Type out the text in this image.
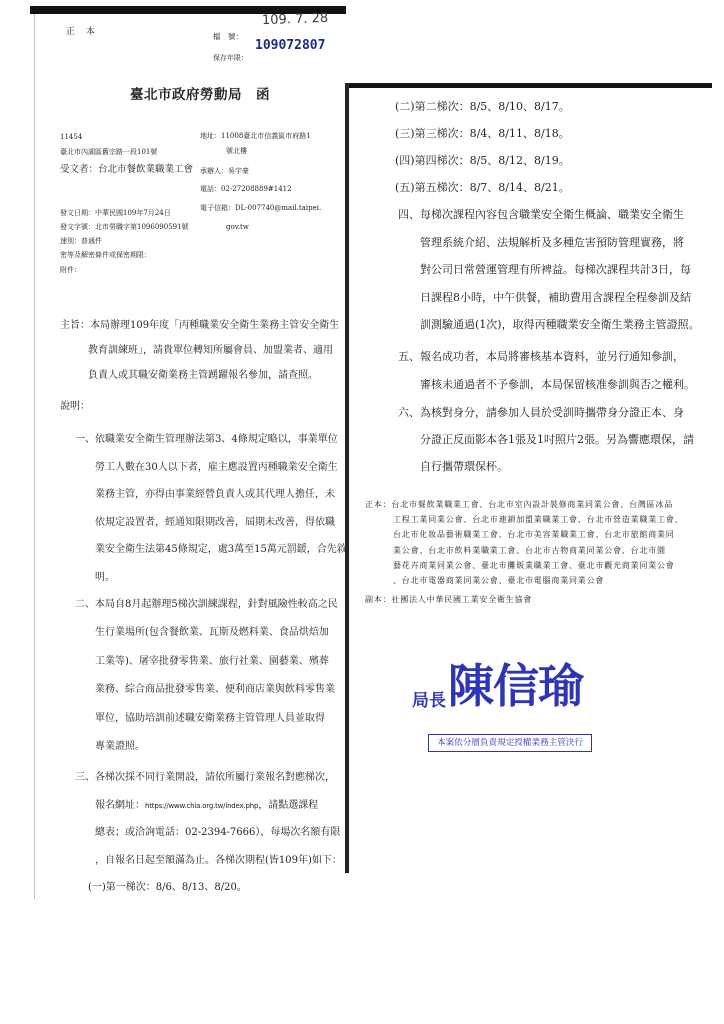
正 本	檔　號：
保存年限：
109. 7. 28
109072807
臺北市政府勞動局　函
11454
臺北市內湖區舊宗路一段101號
受文者：台北市餐飲業職業工會
地址：11008臺北市信義區市府路1
號北樓
承辦人：吳宇豪
電話：02-27208889#1412
電子信箱：DL-007740@mail.taipei.
gov.tw
發文日期：中華民國109年7月24日
發文字號：北市勞職字第1096090591號
速別：普通件
密等及解密條件或保密期限：
附件：
主旨：本局辦理109年度「丙種職業安全衛生業務主管安全衛生
教育訓練班」，請貴單位轉知所屬會員、加盟業者、適用
負責人或其職安衛業務主管踴躍報名參加，請查照。
說明：
一、依職業安全衛生管理辦法第3、4條規定略以，事業單位
勞工人數在30人以下者，雇主應設置丙種職業安全衛生
業務主管，亦得由事業經營負責人或其代理人擔任，未
依規定設置者，經通知限期改善，屆期未改善，得依職
業安全衛生法第45條規定，處3萬至15萬元罰鍰，合先敘
明。
二、本局自8月起辦理5梯次訓練課程，針對風險性較高之民
生行業場所(包含餐飲業、瓦斯及燃料業、食品烘焙加
工業等)、屠宰批發零售業、旅行社業、園藝業、殯葬
業務、綜合商品批發零售業、便利商店業與飲料零售業
單位，協助培訓前述職安衛業務主管管理人員並取得
專業證照。
三、各梯次採不同行業開設，請依所屬行業報名對應梯次，
報名網址：https://www.chia.org.tw/index.php，請點選課程
總表；或洽詢電話：02-2394-7666），每場次名額有限
，自報名日起至額滿為止。各梯次期程(皆109年)如下：
(一)第一梯次：8/6、8/13、8/20。
(二)第二梯次：8/5、8/10、8/17。
(三)第三梯次：8/4、8/11、8/18。
(四)第四梯次：8/5、8/12、8/19。
(五)第五梯次：8/7、8/14、8/21。
四、每梯次課程內容包含職業安全衛生概論、職業安全衛生
管理系統介紹、法規解析及多種危害預防管理實務，將
對公司日常營運管理有所裨益。每梯次課程共計3日，每
日課程8小時，中午供餐，補助費用含課程全程參訓及結
訓測驗通過(1次)，取得丙種職業安全衛生業務主管證照。
五、報名成功者，本局將審核基本資料，並另行通知參訓，
審核未通過者不予參訓，本局保留核准參訓與否之權利。
六、為核對身分，請參加人員於受訓時攜帶身分證正本、身
分證正反面影本各1張及1吋照片2張。另為響應環保，請
自行攜帶環保杯。
正本：台北市餐飲業職業工會、台北市室內設計裝修商業同業公會、台灣區冰品
工程工業同業公會、台北市連鎖加盟業職業工會、台北市營造業職業工會、
台北市化妝品藝術職業工會、台北市美容業職業工會、台北市旅館商業同
業公會、台北市飲料業職業工會、台北市古物商業同業公會、台北市園
藝花卉商業同業公會、臺北市攤販業職業工會、臺北市觀光商業同業公會
、台北市電器商業同業公會、臺北市電腦商業同業公會
副本：社團法人中華民國工業安全衛生協會
局長 陳信瑜
本案依分層負責規定授權業務主管決行
